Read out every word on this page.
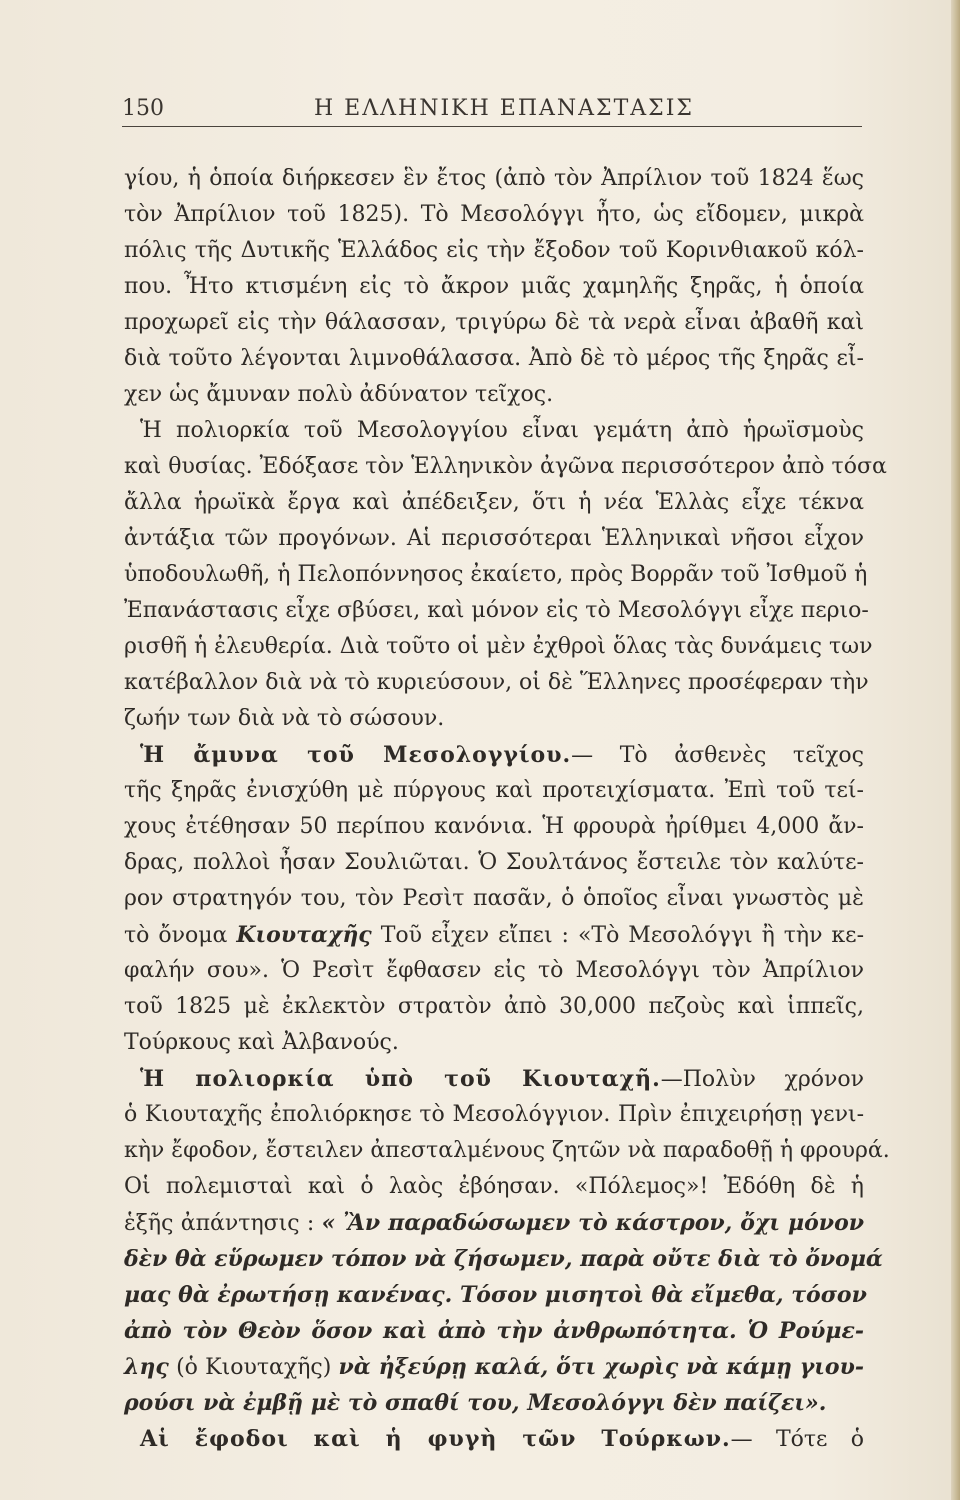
150	Η ΕΛΛΗΝΙΚΗ ΕΠΑΝΑΣΤΑΣΙΣ
γίου, ἡ ὁποία διήρκεσεν ἓν ἔτος (ἀπὸ τὸν Ἀπρίλιον τοῦ 1824 ἕως
τὸν Ἀπρίλιον τοῦ 1825). Τὸ Μεσολόγγι ἦτο, ὡς εἴδομεν, μικρὰ
πόλις τῆς Δυτικῆς Ἑλλάδος εἰς τὴν ἔξοδον τοῦ Κορινθιακοῦ κόλ-
που. Ἦτο κτισμένη εἰς τὸ ἄκρον μιᾶς χαμηλῆς ξηρᾶς, ἡ ὁποία
προχωρεῖ εἰς τὴν θάλασσαν, τριγύρω δὲ τὰ νερὰ εἶναι ἀβαθῆ καὶ
διὰ τοῦτο λέγονται λιμνοθάλασσα. Ἀπὸ δὲ τὸ μέρος τῆς ξηρᾶς εἶ-
χεν ὡς ἄμυναν πολὺ ἀδύνατον τεῖχος.
Ἡ πολιορκία τοῦ Μεσολογγίου εἶναι γεμάτη ἀπὸ ἡρωϊσμοὺς
καὶ θυσίας. Ἐδόξασε τὸν Ἑλληνικὸν ἀγῶνα περισσότερον ἀπὸ τόσα
ἄλλα ἡρωϊκὰ ἔργα καὶ ἀπέδειξεν, ὅτι ἡ νέα Ἑλλὰς εἶχε τέκνα
ἀντάξια τῶν προγόνων. Αἱ περισσότεραι Ἑλληνικαὶ νῆσοι εἶχον
ὑποδουλωθῆ, ἡ Πελοπόννησος ἐκαίετο, πρὸς Βορρᾶν τοῦ Ἰσθμοῦ ἡ
Ἐπανάστασις εἶχε σβύσει, καὶ μόνον εἰς τὸ Μεσολόγγι εἶχε περιο-
ρισθῆ ἡ ἐλευθερία. Διὰ τοῦτο οἱ μὲν ἐχθροὶ ὅλας τὰς δυνάμεις των
κατέβαλλον διὰ νὰ τὸ κυριεύσουν, οἱ δὲ Ἕλληνες προσέφεραν τὴν
ζωήν των διὰ νὰ τὸ σώσουν.
Ἡ ἄμυνα τοῦ Μεσολογγίου.— Τὸ ἀσθενὲς τεῖχος
τῆς ξηρᾶς ἐνισχύθη μὲ πύργους καὶ προτειχίσματα. Ἐπὶ τοῦ τεί-
χους ἐτέθησαν 50 περίπου κανόνια. Ἡ φρουρὰ ἠρίθμει 4,000 ἄν-
δρας, πολλοὶ ἦσαν Σουλιῶται. Ὁ Σουλτάνος ἔστειλε τὸν καλύτε-
ρον στρατηγόν του, τὸν Ρεσὶτ πασᾶν, ὁ ὁποῖος εἶναι γνωστὸς μὲ
τὸ ὄνομα Κιουταχῆς Τοῦ εἶχεν εἴπει : «Τὸ Μεσολόγγι ἢ τὴν κε-
φαλήν σου». Ὁ Ρεσὶτ ἔφθασεν εἰς τὸ Μεσολόγγι τὸν Ἀπρίλιον
τοῦ 1825 μὲ ἐκλεκτὸν στρατὸν ἀπὸ 30,000 πεζοὺς καὶ ἱππεῖς,
Τούρκους καὶ Ἀλβανούς.
Ἡ πολιορκία ὑπὸ τοῦ Κιουταχῆ.—Πολὺν χρόνον
ὁ Κιουταχῆς ἐπολιόρκησε τὸ Μεσολόγγιον. Πρὶν ἐπιχειρήσῃ γενι-
κὴν ἔφοδον, ἔστειλεν ἀπεσταλμένους ζητῶν νὰ παραδοθῇ ἡ φρουρά.
Οἱ πολεμισταὶ καὶ ὁ λαὸς ἐβόησαν. «Πόλεμος»! Ἐδόθη δὲ ἡ
ἑξῆς ἀπάντησις : « Ἂν παραδώσωμεν τὸ κάστρον, ὄχι μόνον
δὲν θὰ εὕρωμεν τόπον νὰ ζήσωμεν, παρὰ οὔτε διὰ τὸ ὄνομά
μας θὰ ἐρωτήσῃ κανένας. Τόσον μισητοὶ θὰ εἴμεθα, τόσον
ἀπὸ τὸν Θεὸν ὅσον καὶ ἀπὸ τὴν ἀνθρωπότητα. Ὁ Ρούμε-
λης (ὁ Κιουταχῆς) νὰ ἠξεύρῃ καλά, ὅτι χωρὶς νὰ κάμῃ γιου-
ρούσι νὰ ἐμβῇ μὲ τὸ σπαθί του, Μεσολόγγι δὲν παίζει».
Αἱ ἔφοδοι καὶ ἡ φυγὴ τῶν Τούρκων.— Τότε ὁ
